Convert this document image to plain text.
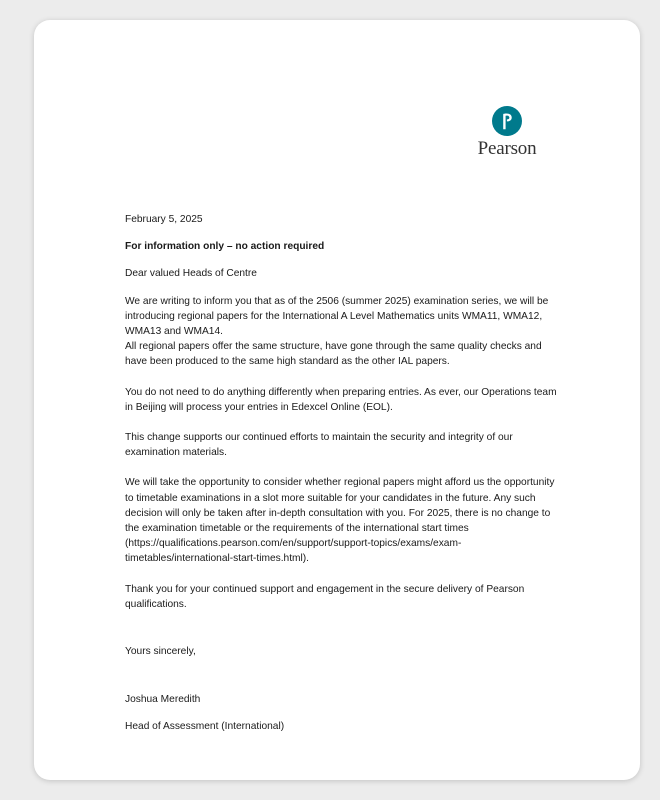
Pearson

February 5, 2025

For information only – no action required

Dear valued Heads of Centre

We are writing to inform you that as of the 2506 (summer 2025) examination series, we will be introducing regional papers for the International A Level Mathematics units WMA11, WMA12, WMA13 and WMA14.

All regional papers offer the same structure, have gone through the same quality checks and have been produced to the same high standard as the other IAL papers.

You do not need to do anything differently when preparing entries. As ever, our Operations team in Beijing will process your entries in Edexcel Online (EOL).

This change supports our continued efforts to maintain the security and integrity of our examination materials.

We will take the opportunity to consider whether regional papers might afford us the opportunity to timetable examinations in a slot more suitable for your candidates in the future. Any such decision will only be taken after in-depth consultation with you. For 2025, there is no change to the examination timetable or the requirements of the international start times (https://qualifications.pearson.com/en/support/support-topics/exams/exam-timetables/international-start-times.html).

Thank you for your continued support and engagement in the secure delivery of Pearson qualifications.

Yours sincerely,

Joshua Meredith

Head of Assessment (International)
